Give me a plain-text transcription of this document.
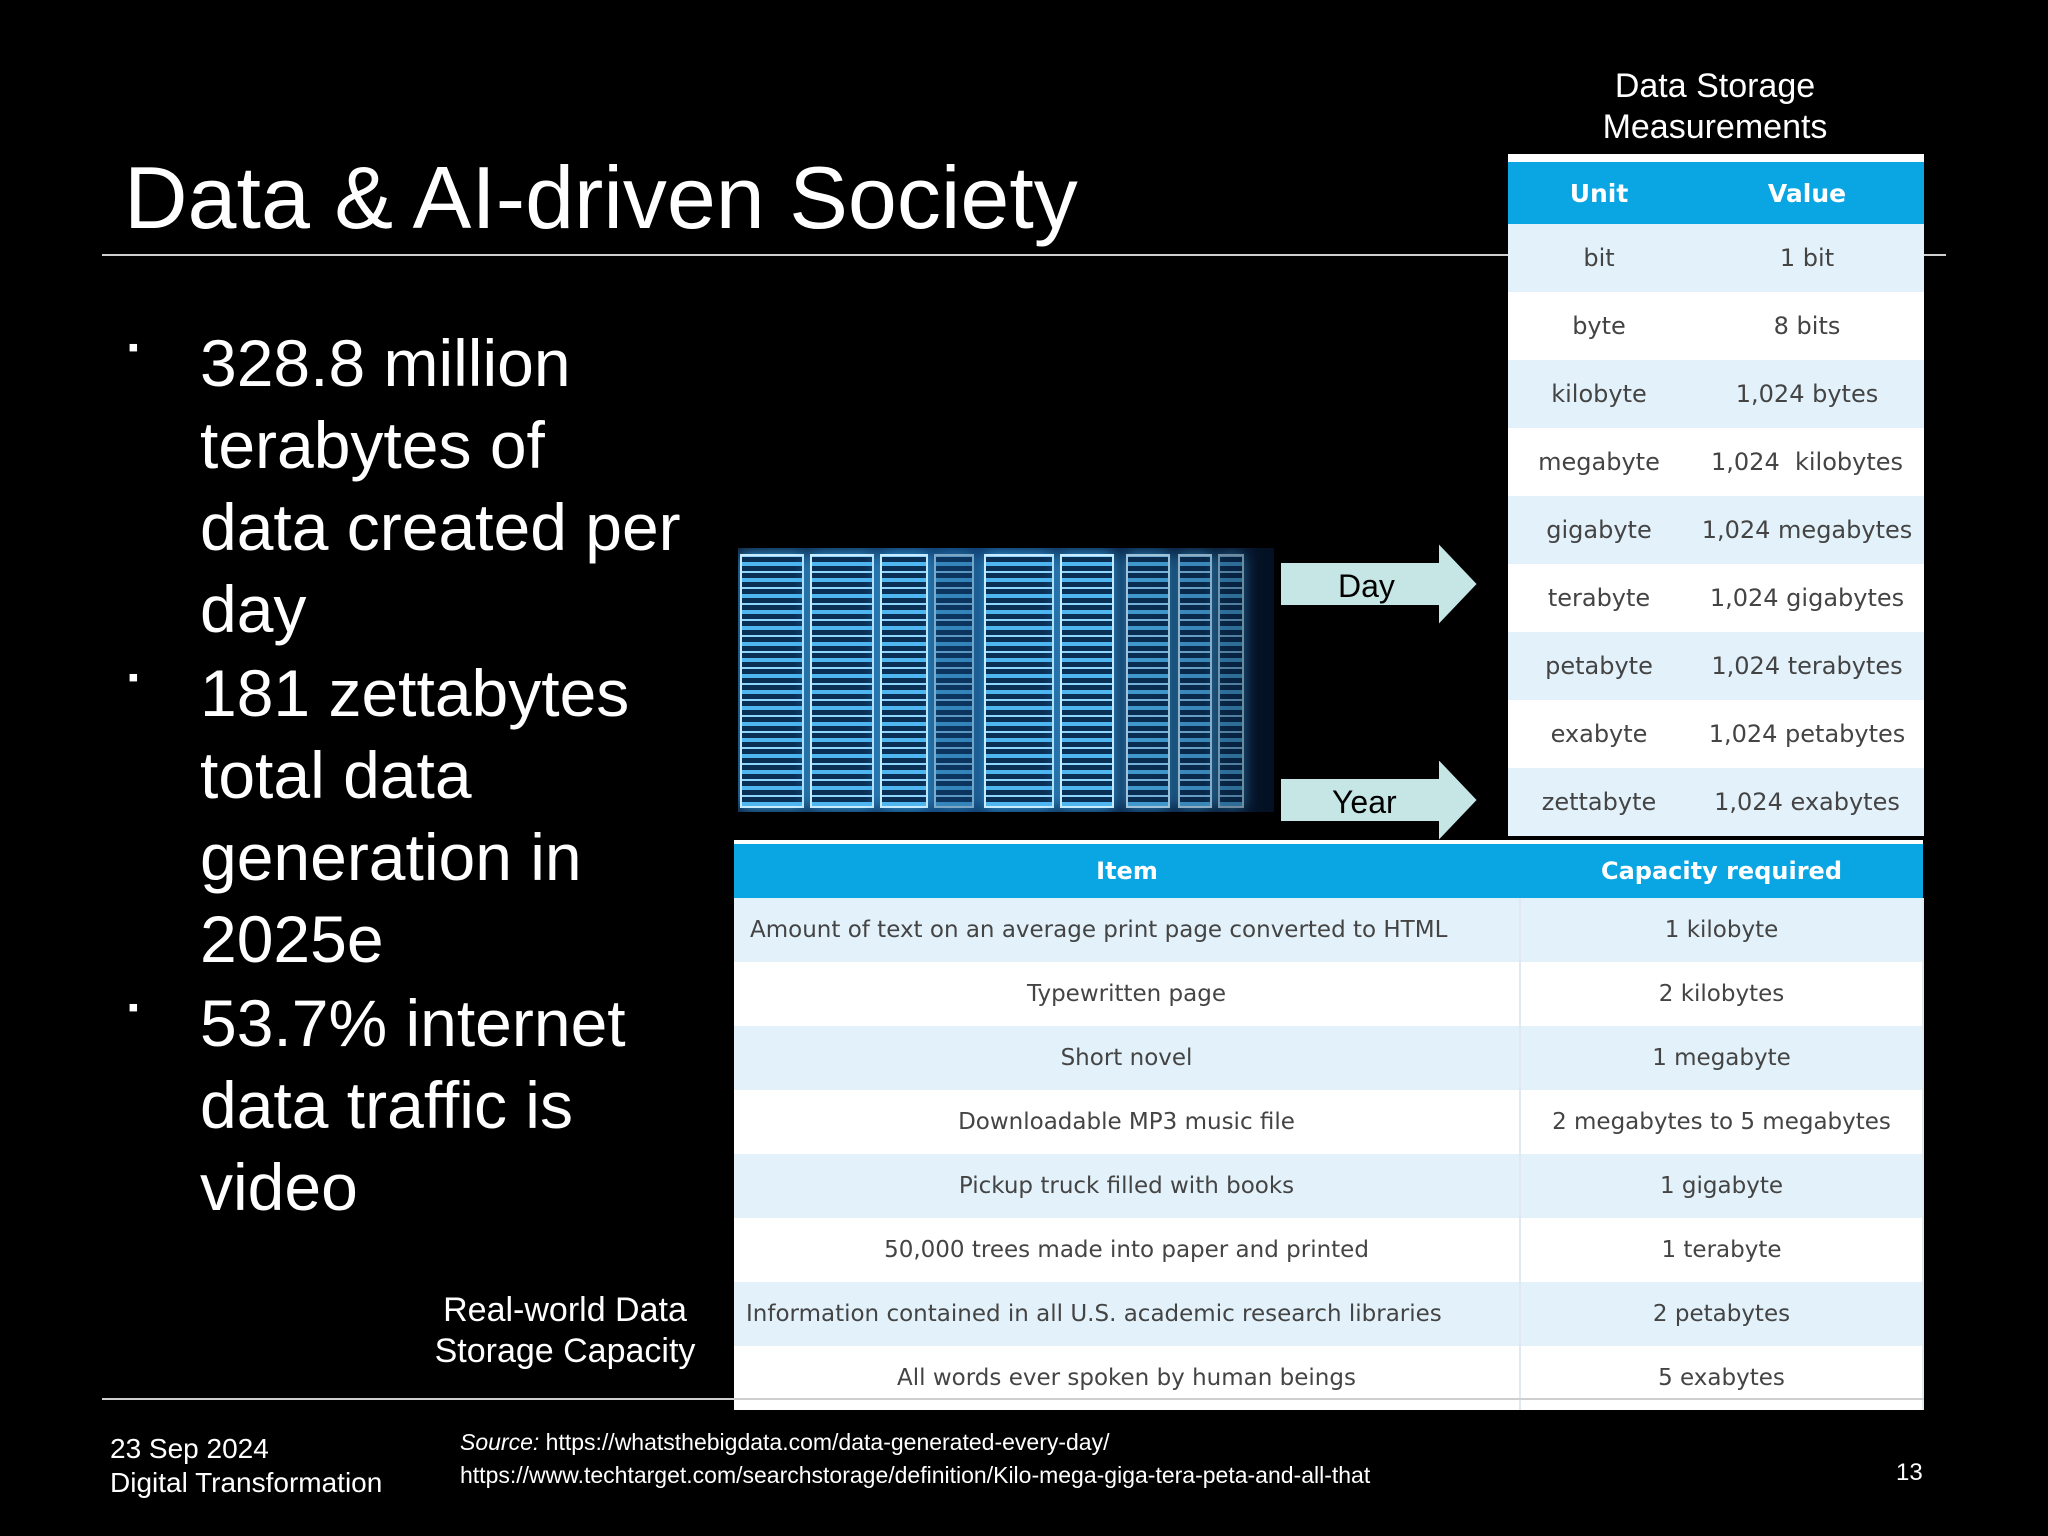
Data & AI-driven Society
▪ 328.8 million terabytes of data created per day
▪ 181 zettabytes total data generation in 2025e
▪ 53.7% internet data traffic is video
Data Storage Measurements
Real-world Data Storage Capacity
Day
Year
Unit	Value
bit	1 bit
byte	8 bits
kilobyte	1,024 bytes
megabyte	1,024  kilobytes
gigabyte	1,024 megabytes
terabyte	1,024 gigabytes
petabyte	1,024 terabytes
exabyte	1,024 petabytes
zettabyte	1,024 exabytes
Item	Capacity required
Amount of text on an average print page converted to HTML	1 kilobyte
Typewritten page	2 kilobytes
Short novel	1 megabyte
Downloadable MP3 music file	2 megabytes to 5 megabytes
Pickup truck filled with books	1 gigabyte
50,000 trees made into paper and printed	1 terabyte
Information contained in all U.S. academic research libraries	2 petabytes
All words ever spoken by human beings	5 exabytes
23 Sep 2024
Digital Transformation
Source: https://whatsthebigdata.com/data-generated-every-day/
https://www.techtarget.com/searchstorage/definition/Kilo-mega-giga-tera-peta-and-all-that	13
